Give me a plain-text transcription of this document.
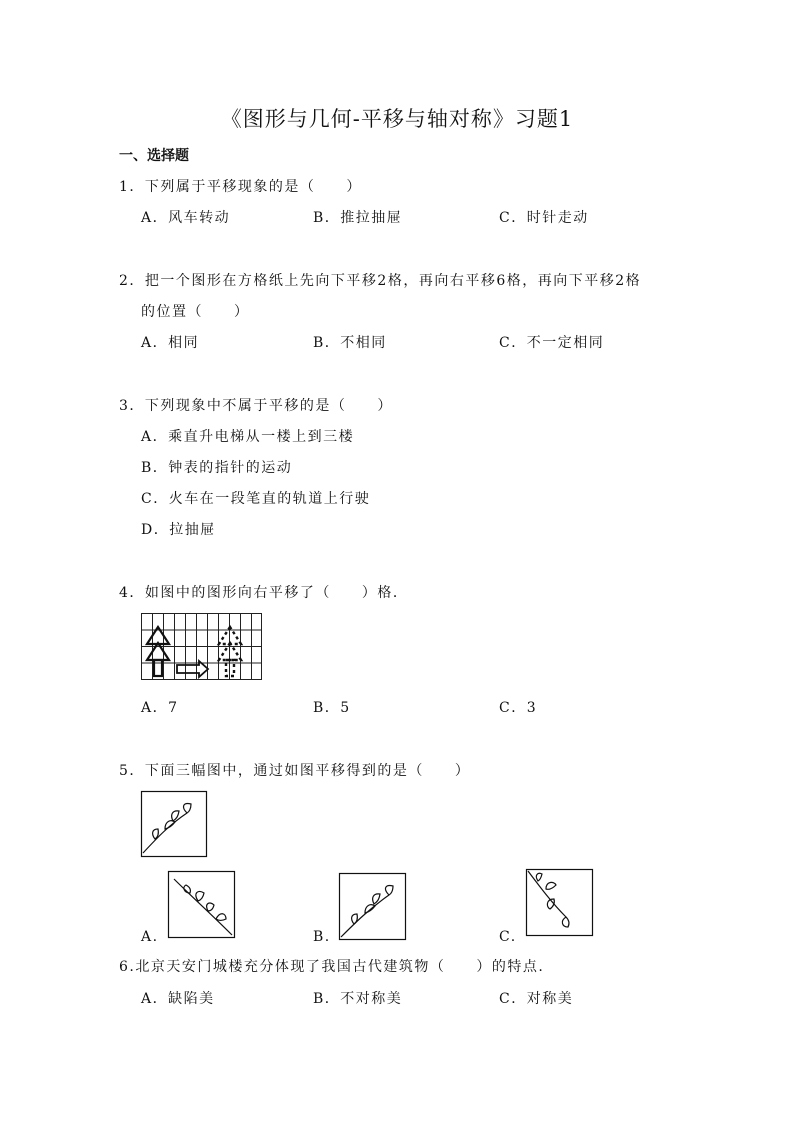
《图形与几何-平移与轴对称》习题1
一、选择题
1．下列属于平移现象的是（　　）
A．风车转动	B．推拉抽屉	C．时针走动
2．把一个图形在方格纸上先向下平移2格，再向右平移6格，再向下平移2格
的位置（　　）
A．相同	B．不相同	C．不一定相同
3．下列现象中不属于平移的是（　　）
A．乘直升电梯从一楼上到三楼
B．钟表的指针的运动
C．火车在一段笔直的轨道上行驶
D．拉抽屉
4．如图中的图形向右平移了（　　）格．
A．7	B．5	C．3
5．下面三幅图中，通过如图平移得到的是（　　）
A.	B.	C.
6.北京天安门城楼充分体现了我国古代建筑物（　　）的特点.
A．缺陷美	B．不对称美	C．对称美
